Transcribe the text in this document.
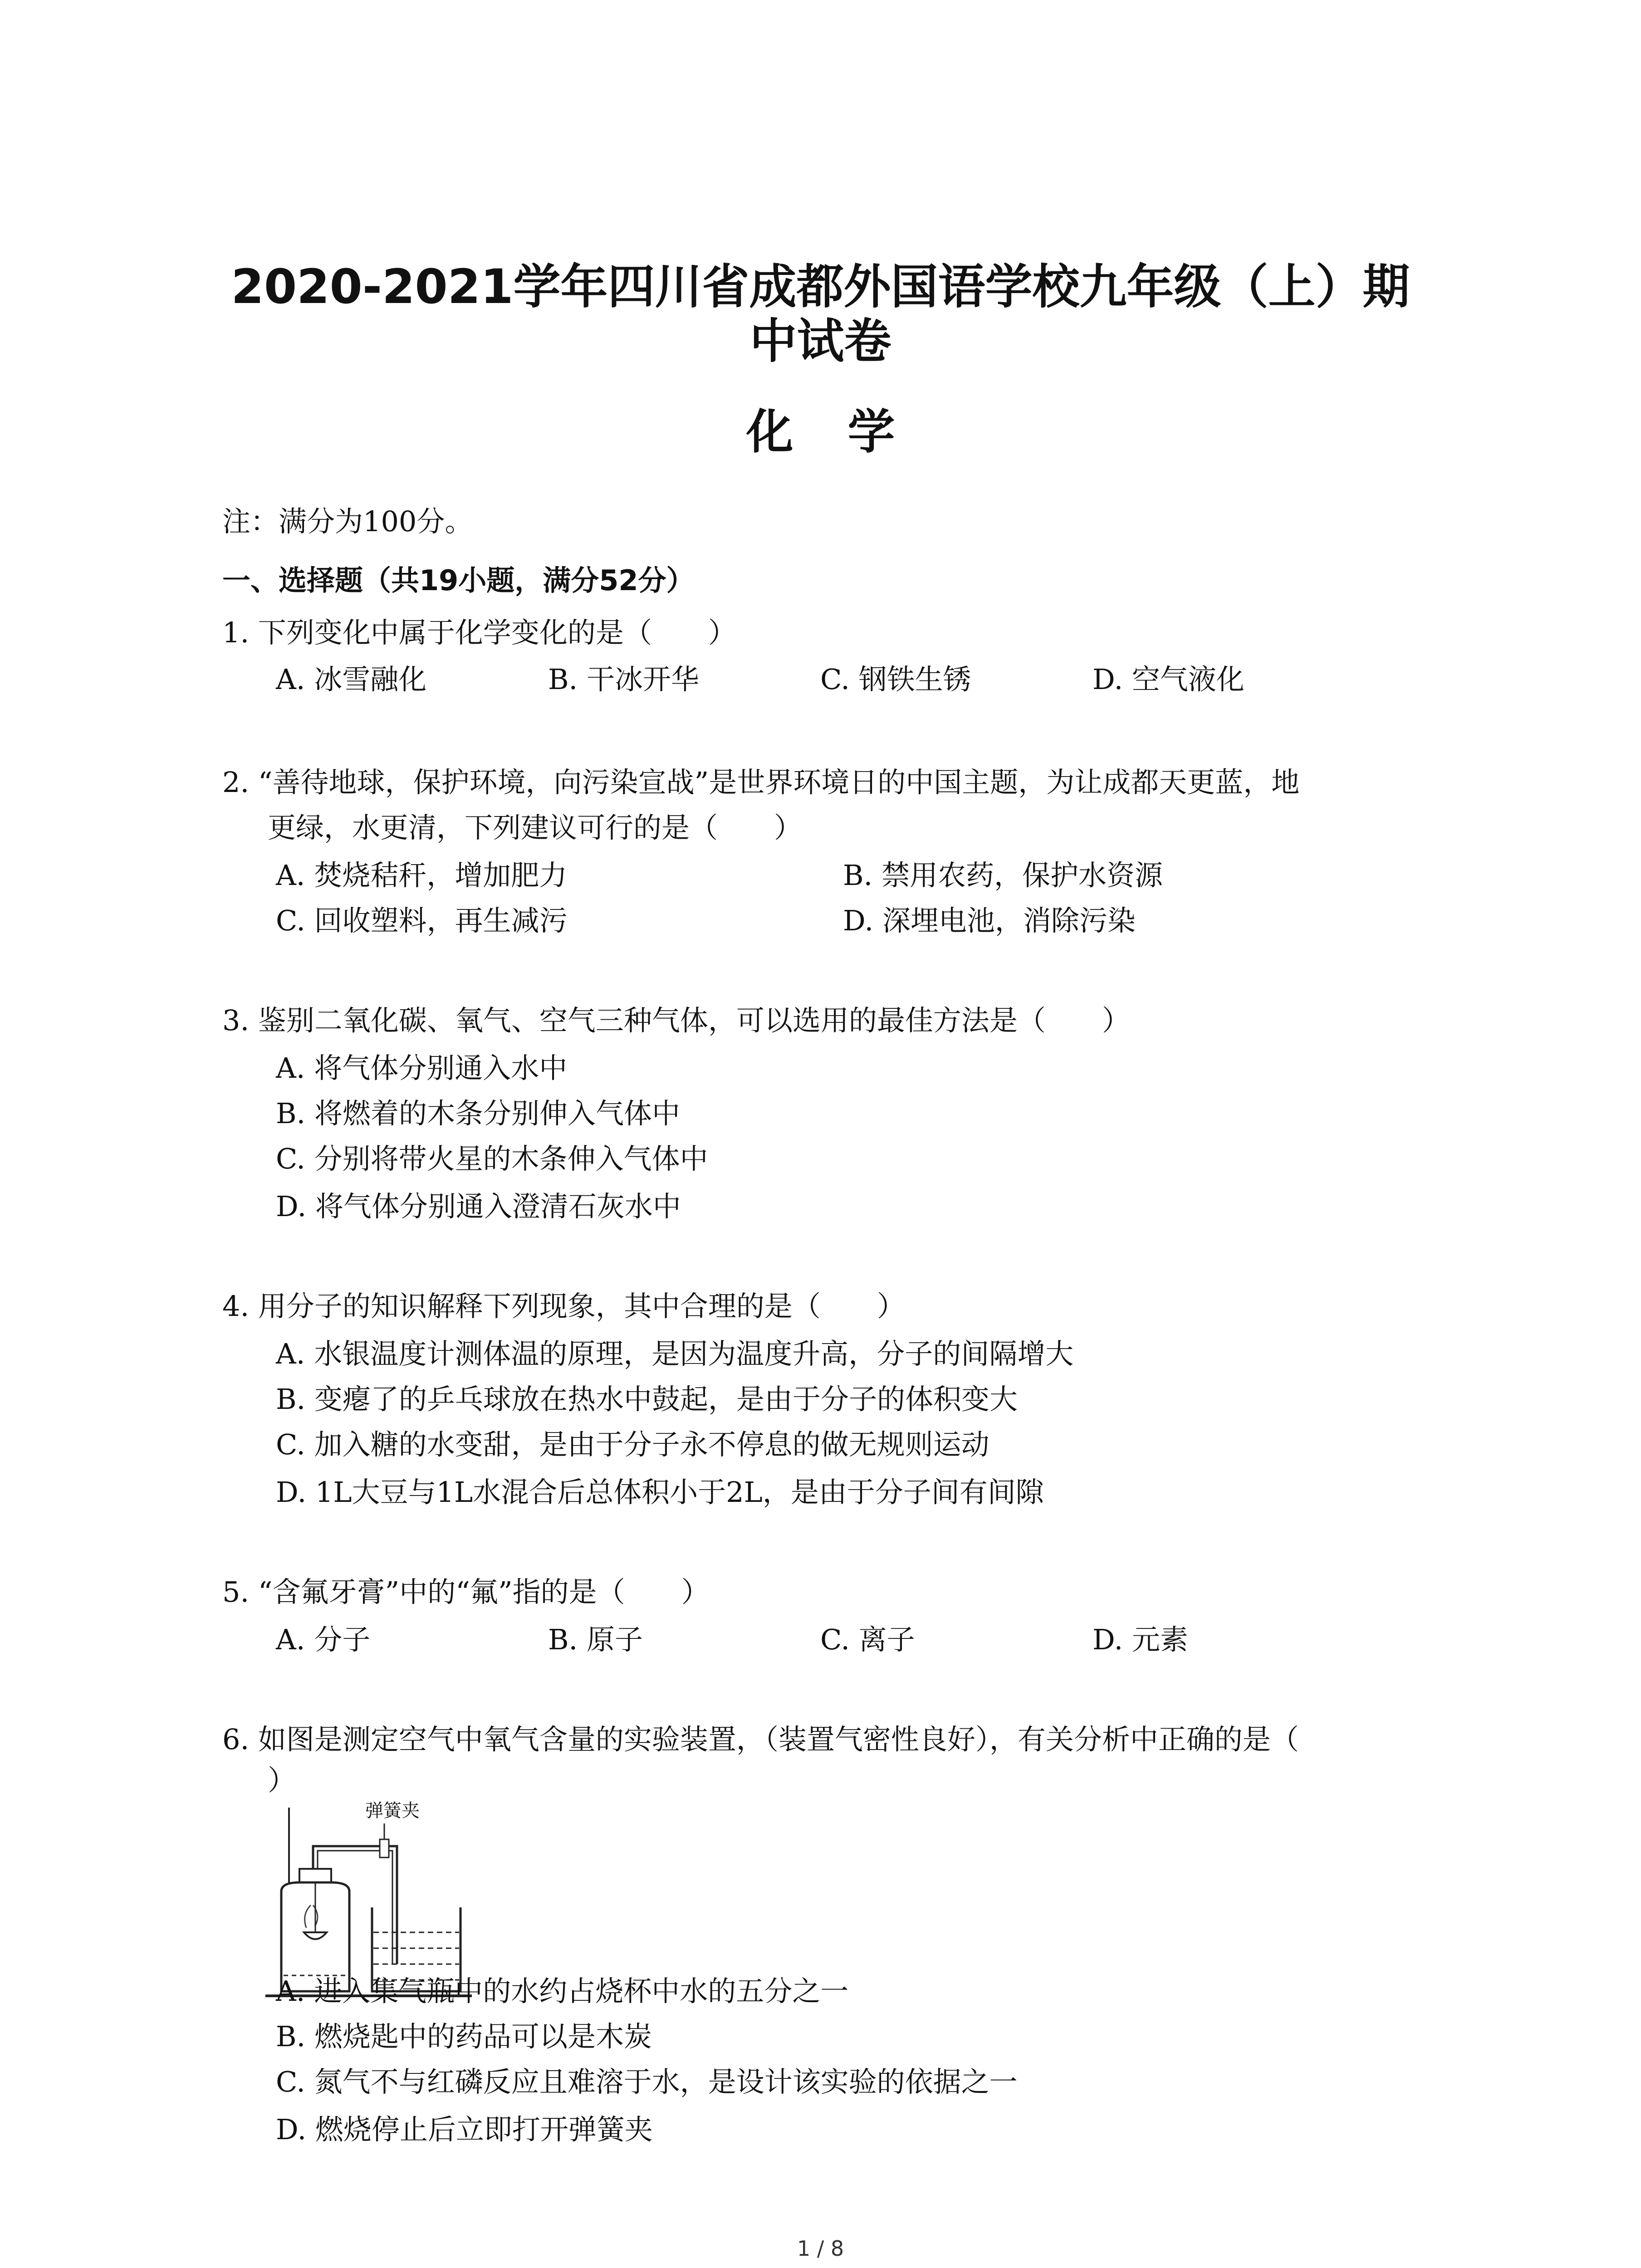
2020-2021学年四川省成都外国语学校九年级（上）期
中试卷
化学
注：满分为100分。
一、选择题（共19小题，满分52分）
1. 下列变化中属于化学变化的是（　　）
A. 冰雪融化	B. 干冰开华	C. 钢铁生锈	D. 空气液化
2. “善待地球，保护环境，向污染宣战”是世界环境日的中国主题，为让成都天更蓝，地
更绿，水更清，下列建议可行的是（　　）
A. 焚烧秸秆，增加肥力	B. 禁用农药，保护水资源
C. 回收塑料，再生减污	D. 深埋电池，消除污染
3. 鉴别二氧化碳、氧气、空气三种气体，可以选用的最佳方法是（　　）
A. 将气体分别通入水中
B. 将燃着的木条分别伸入气体中
C. 分别将带火星的木条伸入气体中
D. 将气体分别通入澄清石灰水中
4. 用分子的知识解释下列现象，其中合理的是（　　）
A. 水银温度计测体温的原理，是因为温度升高，分子的间隔增大
B. 变瘪了的乒乓球放在热水中鼓起，是由于分子的体积变大
C. 加入糖的水变甜，是由于分子永不停息的做无规则运动
D. 1L大豆与1L水混合后总体积小于2L，是由于分子间有间隙
5. “含氟牙膏”中的“氟”指的是（　　）
A. 分子	B. 原子	C. 离子	D. 元素
6. 如图是测定空气中氧气含量的实验装置，（装置气密性良好），有关分析中正确的是（
）
弹簧夹
A. 进入集气瓶中的水约占烧杯中水的五分之一
B. 燃烧匙中的药品可以是木炭
C. 氮气不与红磷反应且难溶于水，是设计该实验的依据之一
D. 燃烧停止后立即打开弹簧夹
1 / 8
